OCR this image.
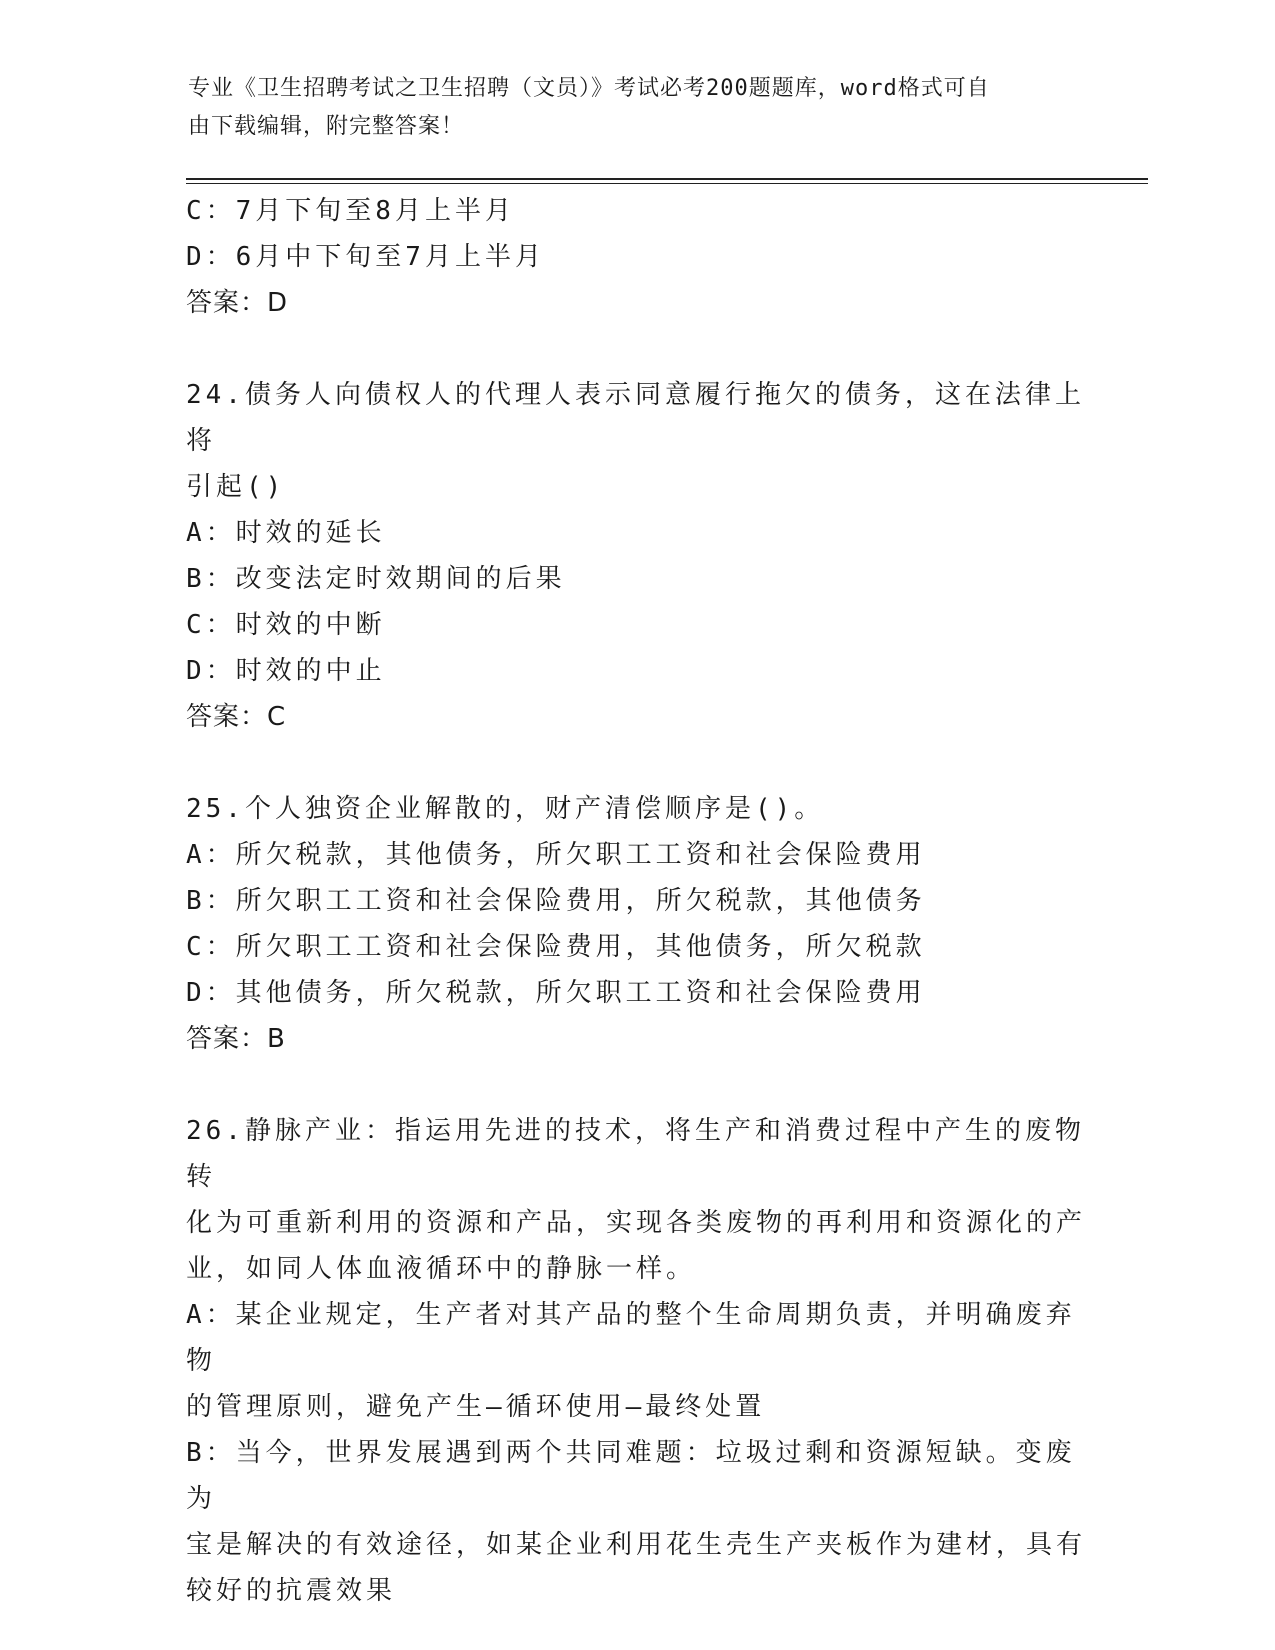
专业《卫生招聘考试之卫生招聘（文员）》考试必考200题题库，word格式可自
由下载编辑，附完整答案！

C：7月下旬至8月上半月

D：6月中下旬至7月上半月

答案：D

24.债务人向债权人的代理人表示同意履行拖欠的债务，这在法律上将

引起()

A：时效的延长

B：改变法定时效期间的后果

C：时效的中断

D：时效的中止

答案：C

25.个人独资企业解散的，财产清偿顺序是()。

A：所欠税款，其他债务，所欠职工工资和社会保险费用

B：所欠职工工资和社会保险费用，所欠税款，其他债务

C：所欠职工工资和社会保险费用，其他债务，所欠税款

D：其他债务，所欠税款，所欠职工工资和社会保险费用

答案：B

26.静脉产业：指运用先进的技术，将生产和消费过程中产生的废物转

化为可重新利用的资源和产品，实现各类废物的再利用和资源化的产

业，如同人体血液循环中的静脉一样。

A：某企业规定，生产者对其产品的整个生命周期负责，并明确废弃物

的管理原则，避免产生—循环使用—最终处置

B：当今，世界发展遇到两个共同难题：垃圾过剩和资源短缺。变废为

宝是解决的有效途径，如某企业利用花生壳生产夹板作为建材，具有

较好的抗震效果
